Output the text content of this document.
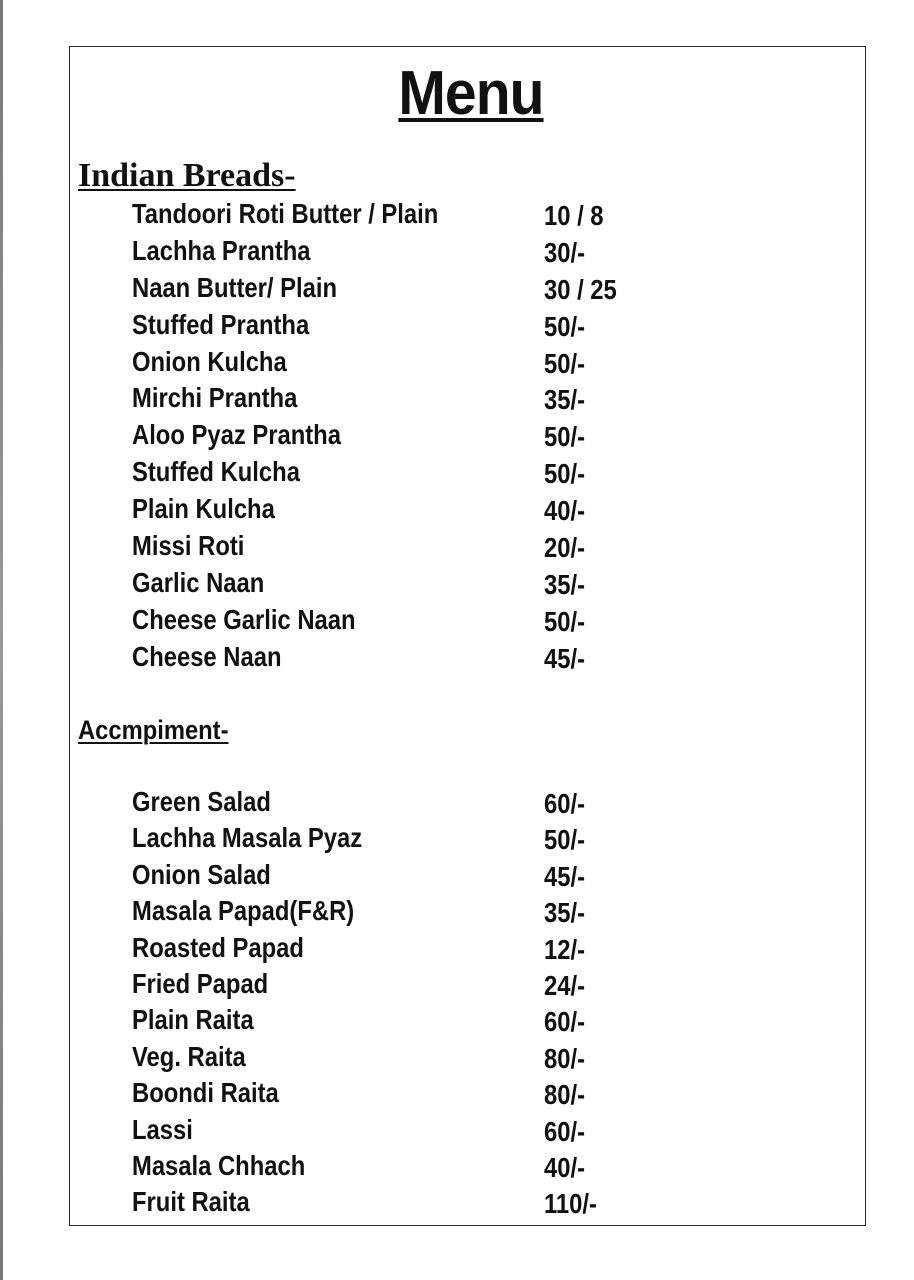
Menu
Indian Breads-
Tandoori Roti Butter / Plain	10 / 8
Lachha Prantha	30/-
Naan Butter/ Plain	30 / 25
Stuffed Prantha	50/-
Onion Kulcha	50/-
Mirchi Prantha	35/-
Aloo Pyaz Prantha	50/-
Stuffed Kulcha	50/-
Plain Kulcha	40/-
Missi Roti	20/-
Garlic Naan	35/-
Cheese Garlic Naan	50/-
Cheese Naan	45/-
Accmpiment-
Green Salad	60/-
Lachha Masala Pyaz	50/-
Onion Salad	45/-
Masala Papad(F&R)	35/-
Roasted Papad	12/-
Fried Papad	24/-
Plain Raita	60/-
Veg. Raita	80/-
Boondi Raita	80/-
Lassi	60/-
Masala Chhach	40/-
Fruit Raita	110/-
